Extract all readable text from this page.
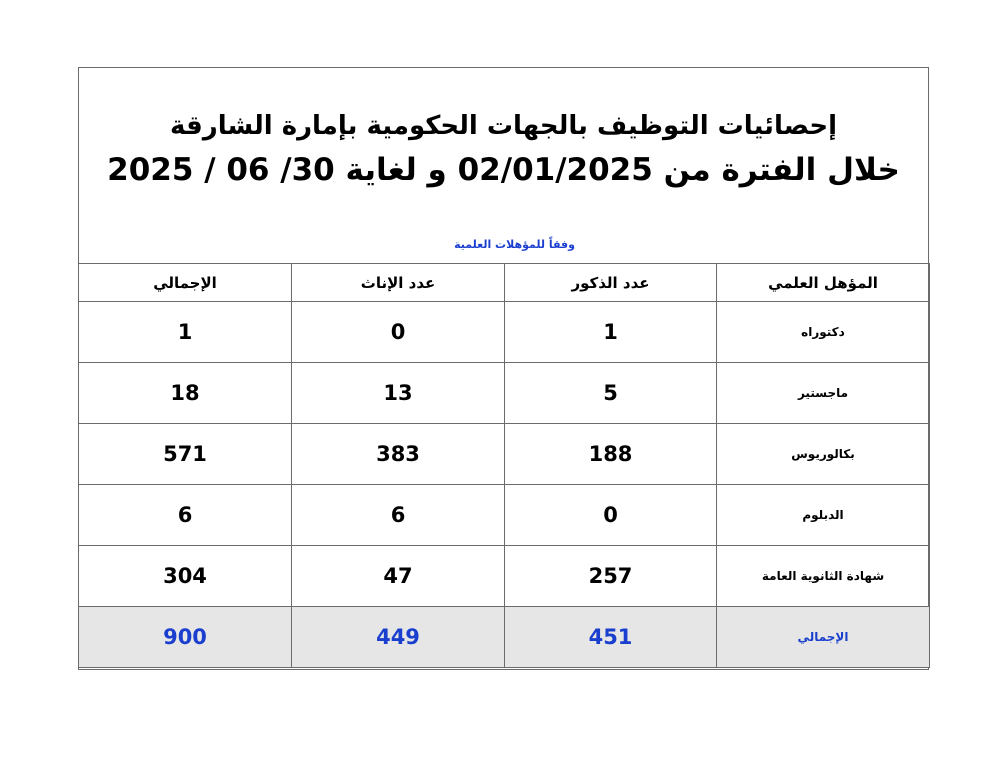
إحصائيات التوظيف بالجهات الحكومية بإمارة الشارقة
خلال الفترة من 02/01/2025 و لغاية 30/ 06 / 2025
وفقاً للمؤهلات العلمية
الإجمالي	عدد الإناث	عدد الذكور	المؤهل العلمي
1	0	1	دكتوراه
18	13	5	ماجستير
571	383	188	بكالوريوس
6	6	0	الدبلوم
304	47	257	شهادة الثانوية العامة
900	449	451	الإجمالي
